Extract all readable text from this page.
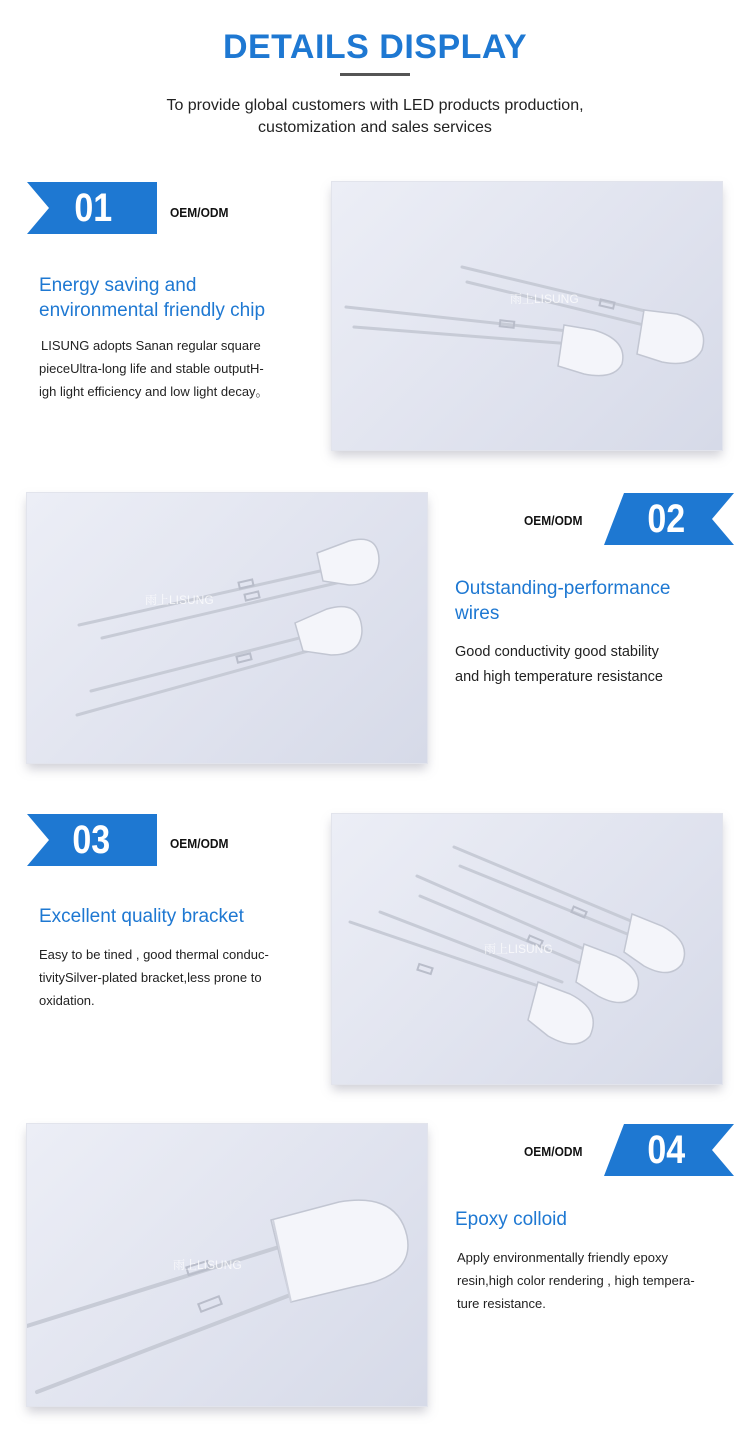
DETAILS DISPLAY
To provide global customers with LED products production,
customization and sales services
01	OEM/ODM
Energy saving and
environmental friendly chip
LISUNG adopts Sanan regular square
pieceUltra-long life and stable outputH-
igh light efficiency and low light decay。
雨上LISUNG
雨上LISUNG
OEM/ODM 02
Outstanding-performance
wires
Good conductivity good stability
and high temperature resistance
03	OEM/ODM
Excellent quality bracket
Easy to be tined , good thermal conduc-
tivitySilver-plated bracket,less prone to
oxidation.
雨上LISUNG
雨上LISUNG
OEM/ODM 04
Epoxy colloid
Apply environmentally friendly epoxy
resin,high color rendering , high tempera-
ture resistance.
